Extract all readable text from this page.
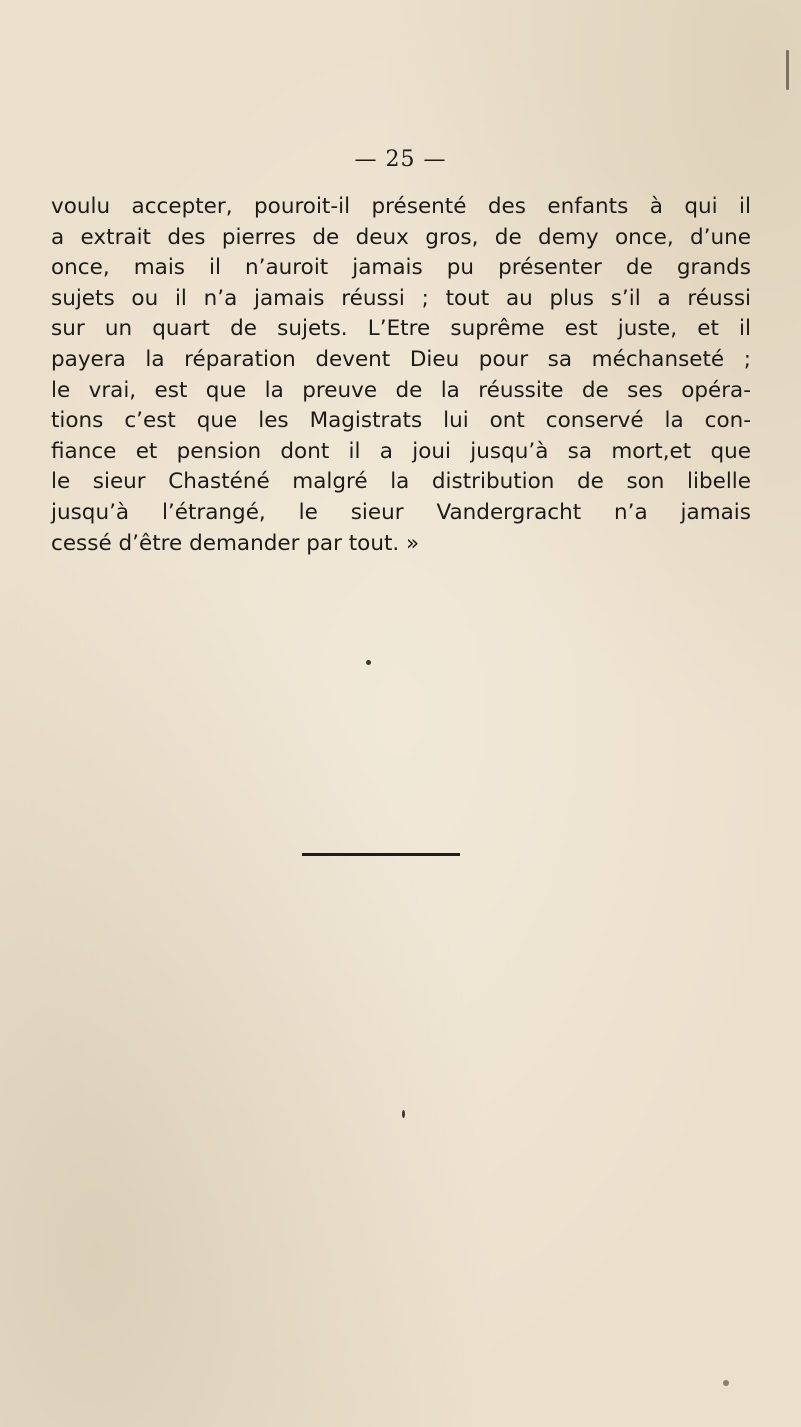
— 25 —
voulu accepter, pouroit-il présenté des enfants à qui il
a extrait des pierres de deux gros, de demy once, d’une
once, mais il n’auroit jamais pu présenter de grands
sujets ou il n’a jamais réussi ; tout au plus s’il a réussi
sur un quart de sujets. L’Etre suprême est juste, et il
payera la réparation devent Dieu pour sa méchanseté ;
le vrai, est que la preuve de la réussite de ses opéra-
tions c’est que les Magistrats lui ont conservé la con-
fiance et pension dont il a joui jusqu’à sa mort,et que
le sieur Chasténé malgré la distribution de son libelle
jusqu’à l’étrangé, le sieur Vandergracht n’a jamais
cessé d’être demander par tout. »
